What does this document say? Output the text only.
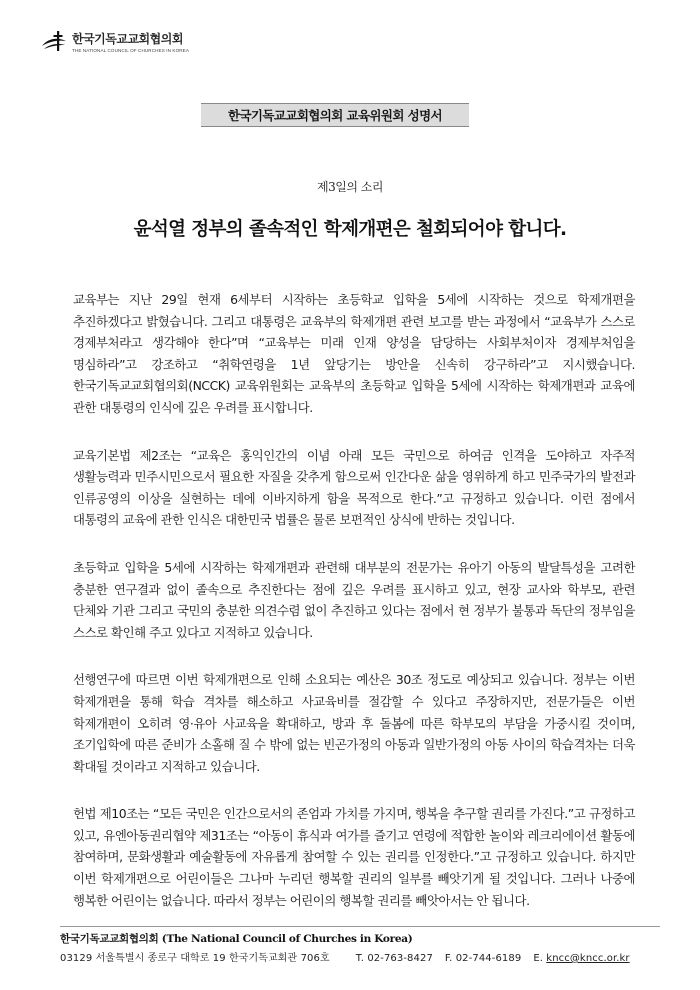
한국기독교교회협의회
THE NATIONAL COUNCIL OF CHURCHES IN KOREA
한국기독교교회협의회 교육위원회 성명서
제3일의 소리
윤석열 정부의 졸속적인 학제개편은 철회되어야 합니다.

교육부는 지난 29일 현재 6세부터 시작하는 초등학교 입학을 5세에 시작하는 것으로 학제개편을 추진하겠다고 밝혔습니다. 그리고 대통령은 교육부의 학제개편 관련 보고를 받는 과정에서 “교육부가 스스로 경제부처라고 생각해야 한다”며 “교육부는 미래 인재 양성을 담당하는 사회부처이자 경제부처임을 명심하라”고 강조하고 “취학연령을 1년 앞당기는 방안을 신속히 강구하라”고 지시했습니다. 한국기독교교회협의회(NCCK) 교육위원회는 교육부의 초등학교 입학을 5세에 시작하는 학제개편과 교육에 관한 대통령의 인식에 깊은 우려를 표시합니다.

교육기본법 제2조는 “교육은 홍익인간의 이념 아래 모든 국민으로 하여금 인격을 도야하고 자주적 생활능력과 민주시민으로서 필요한 자질을 갖추게 함으로써 인간다운 삶을 영위하게 하고 민주국가의 발전과 인류공영의 이상을 실현하는 데에 이바지하게 함을 목적으로 한다.”고 규정하고 있습니다. 이런 점에서 대통령의 교육에 관한 인식은 대한민국 법률은 물론 보편적인 상식에 반하는 것입니다.

초등학교 입학을 5세에 시작하는 학제개편과 관련해 대부분의 전문가는 유아기 아동의 발달특성을 고려한 충분한 연구결과 없이 졸속으로 추진한다는 점에 깊은 우려를 표시하고 있고, 현장 교사와 학부모, 관련 단체와 기관 그리고 국민의 충분한 의견수렴 없이 추진하고 있다는 점에서 현 정부가 불통과 독단의 정부임을 스스로 확인해 주고 있다고 지적하고 있습니다.

선행연구에 따르면 이번 학제개편으로 인해 소요되는 예산은 30조 정도로 예상되고 있습니다. 정부는 이번 학제개편을 통해 학습 격차를 해소하고 사교육비를 절감할 수 있다고 주장하지만, 전문가들은 이번 학제개편이 오히려 영·유아 사교육을 확대하고, 방과 후 돌봄에 따른 학부모의 부담을 가중시킬 것이며, 조기입학에 따른 준비가 소홀해 질 수 밖에 없는 빈곤가정의 아동과 일반가정의 아동 사이의 학습격차는 더욱 확대될 것이라고 지적하고 있습니다.

헌법 제10조는 “모든 국민은 인간으로서의 존엄과 가치를 가지며, 행복을 추구할 권리를 가진다.”고 규정하고 있고, 유엔아동권리협약 제31조는 “아동이 휴식과 여가를 즐기고 연령에 적합한 놀이와 레크리에이션 활동에 참여하며, 문화생활과 예술활동에 자유롭게 참여할 수 있는 권리를 인정한다.”고 규정하고 있습니다. 하지만 이번 학제개편으로 어린이들은 그나마 누리던 행복할 권리의 일부를 빼앗기게 될 것입니다. 그러나 나중에 행복한 어린이는 없습니다. 따라서 정부는 어린이의 행복할 권리를 빼앗아서는 안 됩니다.

한국기독교교회협의회 (The National Council of Churches in Korea)
03129 서울특별시 종로구 대학로 19 한국기독교회관 706호	T. 02-763-8427 F. 02-744-6189 E. kncc@kncc.or.kr
